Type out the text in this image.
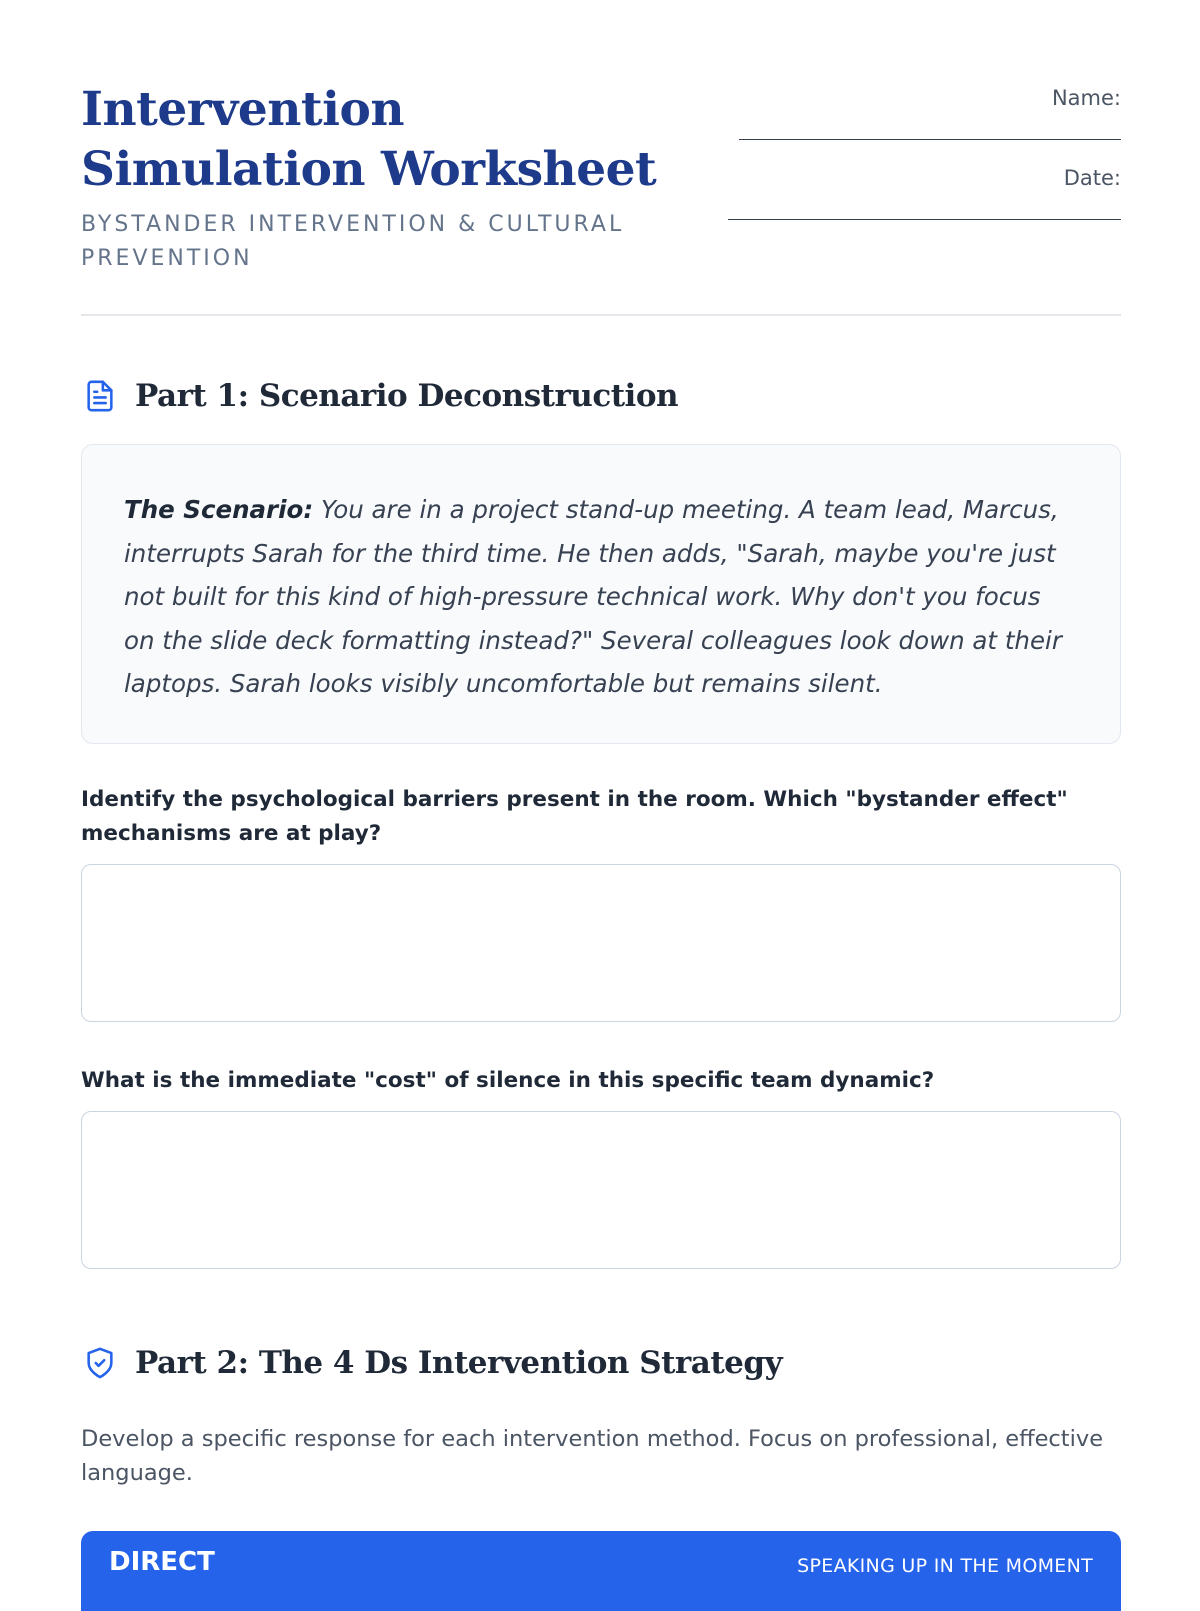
Intervention Simulation Worksheet
BYSTANDER INTERVENTION & CULTURAL PREVENTION
Name:
Date:
Part 1: Scenario Deconstruction
The Scenario: You are in a project stand-up meeting. A team lead, Marcus, interrupts Sarah for the third time. He then adds, "Sarah, maybe you're just not built for this kind of high-pressure technical work. Why don't you focus on the slide deck formatting instead?" Several colleagues look down at their laptops. Sarah looks visibly uncomfortable but remains silent.
Identify the psychological barriers present in the room. Which "bystander effect" mechanisms are at play?
What is the immediate "cost" of silence in this specific team dynamic?
Part 2: The 4 Ds Intervention Strategy

Develop a specific response for each intervention method. Focus on professional, effective language.

DIRECT	SPEAKING UP IN THE MOMENT
